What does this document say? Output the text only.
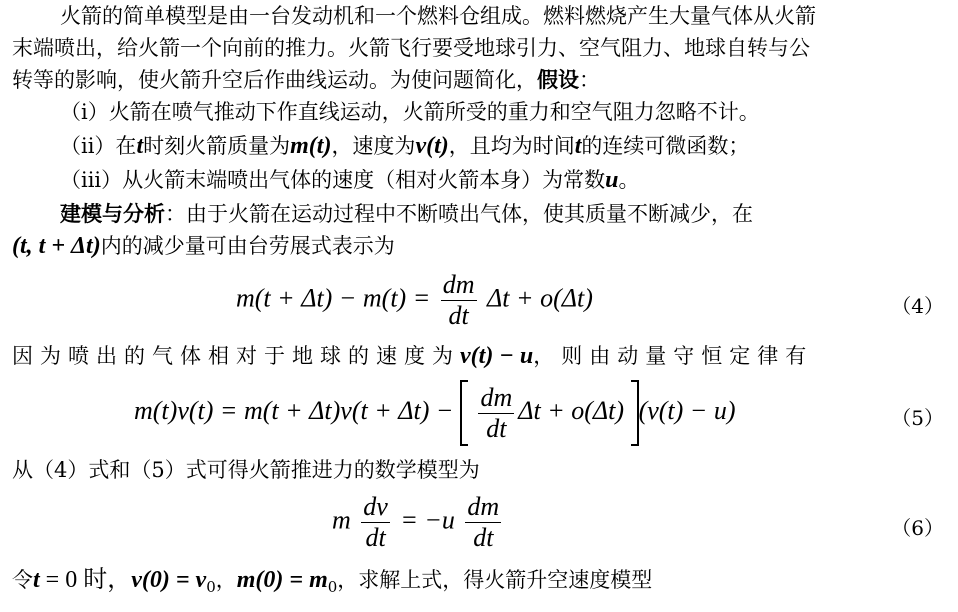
火箭的简单模型是由一台发动机和一个燃料仓组成。燃料燃烧产生大量气体从火箭
末端喷出，给火箭一个向前的推力。火箭飞行要受地球引力、空气阻力、地球自转与公
转等的影响，使火箭升空后作曲线运动。为使问题简化，假设：
（i）火箭在喷气推动下作直线运动，火箭所受的重力和空气阻力忽略不计。
（ii）在t时刻火箭质量为m(t)，速度为v(t)，且均为时间t的连续可微函数；
（iii）从火箭末端喷出气体的速度（相对火箭本身）为常数u。
建模与分析：由于火箭在运动过程中不断喷出气体，使其质量不断减少，在
(t, t + Δt)内的减少量可由台劳展式表示为
$m(t + \Delta t) - m(t) = \frac{dm}{dt}$ Δt + o(Δt)	（4）
因为喷出的气体相对于地球的速度为v(t) − u，则由动量守恒定律有
$m(t)v(t) = m(t + \Delta t)v(t + \Delta t) - \frac{dm}{dt}$ Δt + o(Δt) (v(t) − u)	（5）
从（4）式和（5）式可得火箭推进力的数学模型为
m $\frac{dv}{dt} = -u \frac{dm}{dt}$	（6）
令t = 0 时，$v(0) = v_0$，$m(0) = m_0$，求解上式，得火箭升空速度模型
